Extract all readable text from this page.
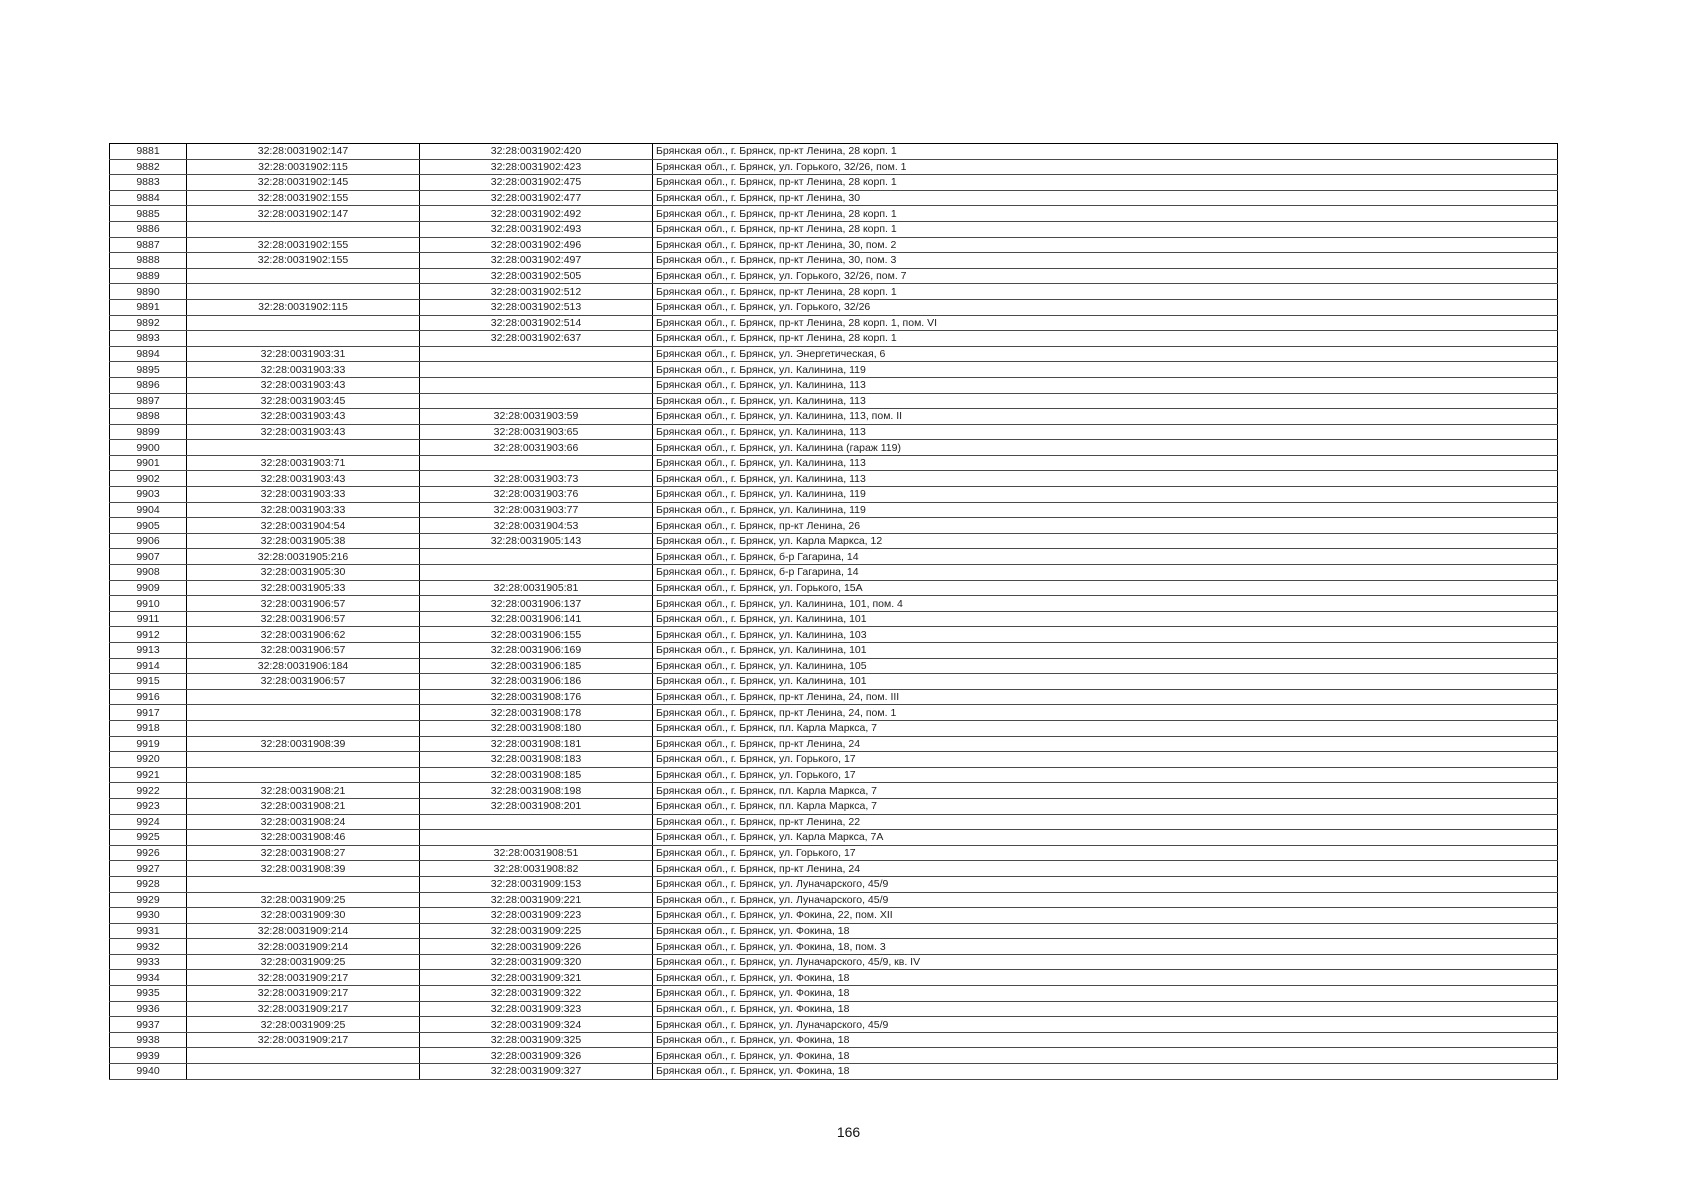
9881	32:28:0031902:147	32:28:0031902:420	Брянская обл., г. Брянск, пр-кт Ленина, 28 корп. 1
9882	32:28:0031902:115	32:28:0031902:423	Брянская обл., г. Брянск, ул. Горького, 32/26, пом. 1
9883	32:28:0031902:145	32:28:0031902:475	Брянская обл., г. Брянск, пр-кт Ленина, 28 корп. 1
9884	32:28:0031902:155	32:28:0031902:477	Брянская обл., г. Брянск, пр-кт Ленина, 30
9885	32:28:0031902:147	32:28:0031902:492	Брянская обл., г. Брянск, пр-кт Ленина, 28 корп. 1
9886		32:28:0031902:493	Брянская обл., г. Брянск, пр-кт Ленина, 28 корп. 1
9887	32:28:0031902:155	32:28:0031902:496	Брянская обл., г. Брянск, пр-кт Ленина, 30, пом. 2
9888	32:28:0031902:155	32:28:0031902:497	Брянская обл., г. Брянск, пр-кт Ленина, 30, пом. 3
9889		32:28:0031902:505	Брянская обл., г. Брянск, ул. Горького, 32/26, пом. 7
9890		32:28:0031902:512	Брянская обл., г. Брянск, пр-кт Ленина, 28 корп. 1
9891	32:28:0031902:115	32:28:0031902:513	Брянская обл., г. Брянск, ул. Горького, 32/26
9892		32:28:0031902:514	Брянская обл., г. Брянск, пр-кт Ленина, 28 корп. 1, пом. VI
9893		32:28:0031902:637	Брянская обл., г. Брянск, пр-кт Ленина, 28 корп. 1
9894	32:28:0031903:31		Брянская обл., г. Брянск, ул. Энергетическая, 6
9895	32:28:0031903:33		Брянская обл., г. Брянск, ул. Калинина, 119
9896	32:28:0031903:43		Брянская обл., г. Брянск, ул. Калинина, 113
9897	32:28:0031903:45		Брянская обл., г. Брянск, ул. Калинина, 113
9898	32:28:0031903:43	32:28:0031903:59	Брянская обл., г. Брянск, ул. Калинина, 113, пом. II
9899	32:28:0031903:43	32:28:0031903:65	Брянская обл., г. Брянск, ул. Калинина, 113
9900		32:28:0031903:66	Брянская обл., г. Брянск, ул. Калинина (гараж 119)
9901	32:28:0031903:71		Брянская обл., г. Брянск, ул. Калинина, 113
9902	32:28:0031903:43	32:28:0031903:73	Брянская обл., г. Брянск, ул. Калинина, 113
9903	32:28:0031903:33	32:28:0031903:76	Брянская обл., г. Брянск, ул. Калинина, 119
9904	32:28:0031903:33	32:28:0031903:77	Брянская обл., г. Брянск, ул. Калинина, 119
9905	32:28:0031904:54	32:28:0031904:53	Брянская обл., г. Брянск, пр-кт Ленина, 26
9906	32:28:0031905:38	32:28:0031905:143	Брянская обл., г. Брянск, ул. Карла Маркса, 12
9907	32:28:0031905:216		Брянская обл., г. Брянск, б-р Гагарина, 14
9908	32:28:0031905:30		Брянская обл., г. Брянск, б-р Гагарина, 14
9909	32:28:0031905:33	32:28:0031905:81	Брянская обл., г. Брянск, ул. Горького, 15А
9910	32:28:0031906:57	32:28:0031906:137	Брянская обл., г. Брянск, ул. Калинина, 101, пом. 4
9911	32:28:0031906:57	32:28:0031906:141	Брянская обл., г. Брянск, ул. Калинина, 101
9912	32:28:0031906:62	32:28:0031906:155	Брянская обл., г. Брянск, ул. Калинина, 103
9913	32:28:0031906:57	32:28:0031906:169	Брянская обл., г. Брянск, ул. Калинина, 101
9914	32:28:0031906:184	32:28:0031906:185	Брянская обл., г. Брянск, ул. Калинина, 105
9915	32:28:0031906:57	32:28:0031906:186	Брянская обл., г. Брянск, ул. Калинина, 101
9916		32:28:0031908:176	Брянская обл., г. Брянск, пр-кт Ленина, 24, пом. III
9917		32:28:0031908:178	Брянская обл., г. Брянск, пр-кт Ленина, 24, пом. 1
9918		32:28:0031908:180	Брянская обл., г. Брянск, пл. Карла Маркса, 7
9919	32:28:0031908:39	32:28:0031908:181	Брянская обл., г. Брянск, пр-кт Ленина, 24
9920		32:28:0031908:183	Брянская обл., г. Брянск, ул. Горького, 17
9921		32:28:0031908:185	Брянская обл., г. Брянск, ул. Горького, 17
9922	32:28:0031908:21	32:28:0031908:198	Брянская обл., г. Брянск, пл. Карла Маркса, 7
9923	32:28:0031908:21	32:28:0031908:201	Брянская обл., г. Брянск, пл. Карла Маркса, 7
9924	32:28:0031908:24		Брянская обл., г. Брянск, пр-кт Ленина, 22
9925	32:28:0031908:46		Брянская обл., г. Брянск, ул. Карла Маркса, 7А
9926	32:28:0031908:27	32:28:0031908:51	Брянская обл., г. Брянск, ул. Горького, 17
9927	32:28:0031908:39	32:28:0031908:82	Брянская обл., г. Брянск, пр-кт Ленина, 24
9928		32:28:0031909:153	Брянская обл., г. Брянск, ул. Луначарского, 45/9
9929	32:28:0031909:25	32:28:0031909:221	Брянская обл., г. Брянск, ул. Луначарского, 45/9
9930	32:28:0031909:30	32:28:0031909:223	Брянская обл., г. Брянск, ул. Фокина, 22, пом. XII
9931	32:28:0031909:214	32:28:0031909:225	Брянская обл., г. Брянск, ул. Фокина, 18
9932	32:28:0031909:214	32:28:0031909:226	Брянская обл., г. Брянск, ул. Фокина, 18, пом. 3
9933	32:28:0031909:25	32:28:0031909:320	Брянская обл., г. Брянск, ул. Луначарского, 45/9, кв. IV
9934	32:28:0031909:217	32:28:0031909:321	Брянская обл., г. Брянск, ул. Фокина, 18
9935	32:28:0031909:217	32:28:0031909:322	Брянская обл., г. Брянск, ул. Фокина, 18
9936	32:28:0031909:217	32:28:0031909:323	Брянская обл., г. Брянск, ул. Фокина, 18
9937	32:28:0031909:25	32:28:0031909:324	Брянская обл., г. Брянск, ул. Луначарского, 45/9
9938	32:28:0031909:217	32:28:0031909:325	Брянская обл., г. Брянск, ул. Фокина, 18
9939		32:28:0031909:326	Брянская обл., г. Брянск, ул. Фокина, 18
9940		32:28:0031909:327	Брянская обл., г. Брянск, ул. Фокина, 18
166
